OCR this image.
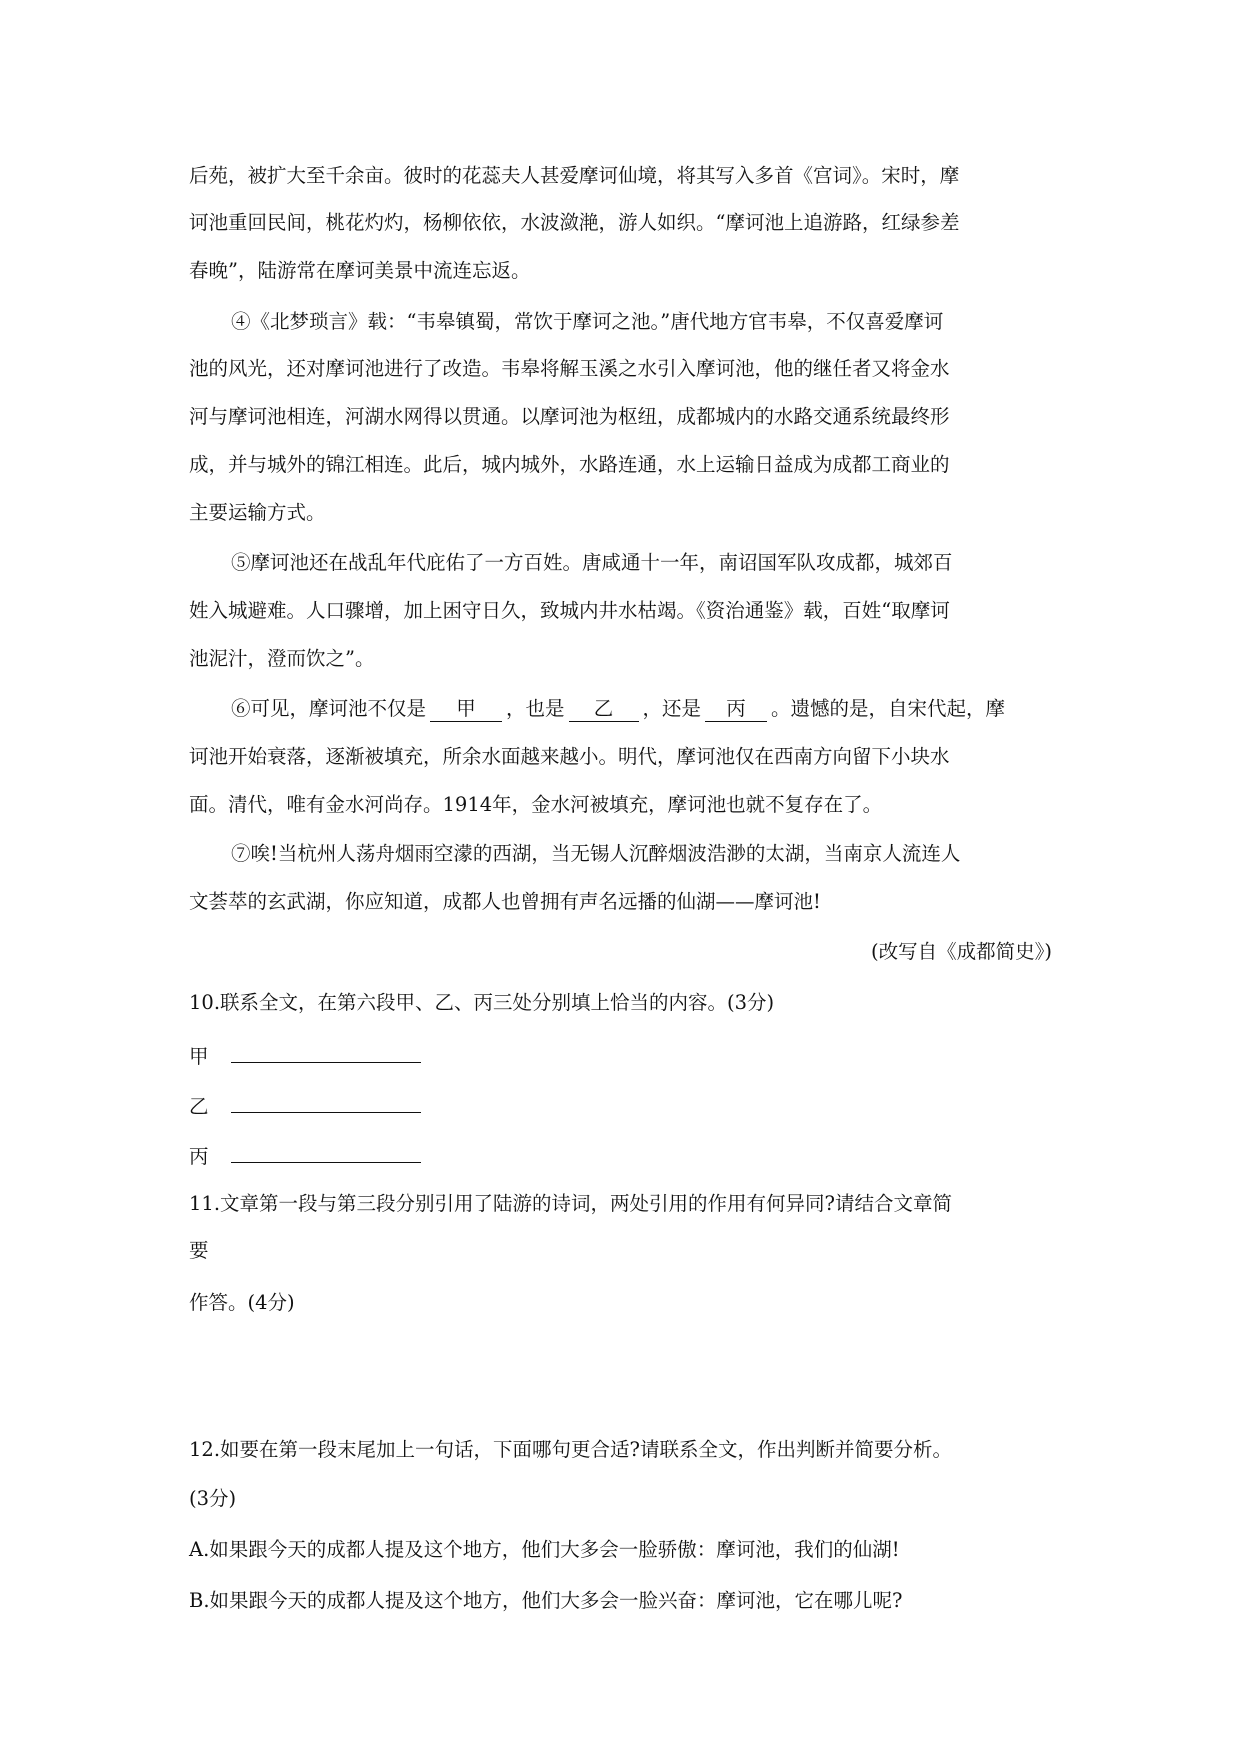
后苑，被扩大至千余亩。彼时的花蕊夫人甚爱摩诃仙境，将其写入多首《宫词》。宋时，摩
诃池重回民间，桃花灼灼，杨柳依依，水波潋滟，游人如织。“摩诃池上追游路，红绿参差
春晚”，陆游常在摩诃美景中流连忘返。
④《北梦琐言》载：“韦皋镇蜀，常饮于摩诃之池。”唐代地方官韦皋，不仅喜爱摩诃
池的风光，还对摩诃池进行了改造。韦皋将解玉溪之水引入摩诃池，他的继任者又将金水
河与摩诃池相连，河湖水网得以贯通。以摩诃池为枢纽，成都城内的水路交通系统最终形
成，并与城外的锦江相连。此后，城内城外，水路连通，水上运输日益成为成都工商业的
主要运输方式。
⑤摩诃池还在战乱年代庇佑了一方百姓。唐咸通十一年，南诏国军队攻成都，城郊百
姓入城避难。人口骤增，加上困守日久，致城内井水枯竭。《资治通鉴》载，百姓“取摩诃
池泥汁，澄而饮之”。
⑥可见，摩诃池不仅是 甲 ，也是 乙 ，还是 丙 。遗憾的是，自宋代起，摩
诃池开始衰落，逐渐被填充，所余水面越来越小。明代，摩诃池仅在西南方向留下小块水
面。清代，唯有金水河尚存。1914年，金水河被填充，摩诃池也就不复存在了。
⑦唉!当杭州人荡舟烟雨空濛的西湖，当无锡人沉醉烟波浩渺的太湖，当南京人流连人
文荟萃的玄武湖，你应知道，成都人也曾拥有声名远播的仙湖——摩诃池!
(改写自《成都简史》)
10.联系全文，在第六段甲、乙、丙三处分别填上恰当的内容。(3分)
甲
乙
丙
11.文章第一段与第三段分别引用了陆游的诗词，两处引用的作用有何异同?请结合文章简
要
作答。(4分)
12.如要在第一段末尾加上一句话，下面哪句更合适?请联系全文，作出判断并简要分析。
(3分)
A.如果跟今天的成都人提及这个地方，他们大多会一脸骄傲：摩诃池，我们的仙湖!
B.如果跟今天的成都人提及这个地方，他们大多会一脸兴奋：摩诃池，它在哪儿呢?
